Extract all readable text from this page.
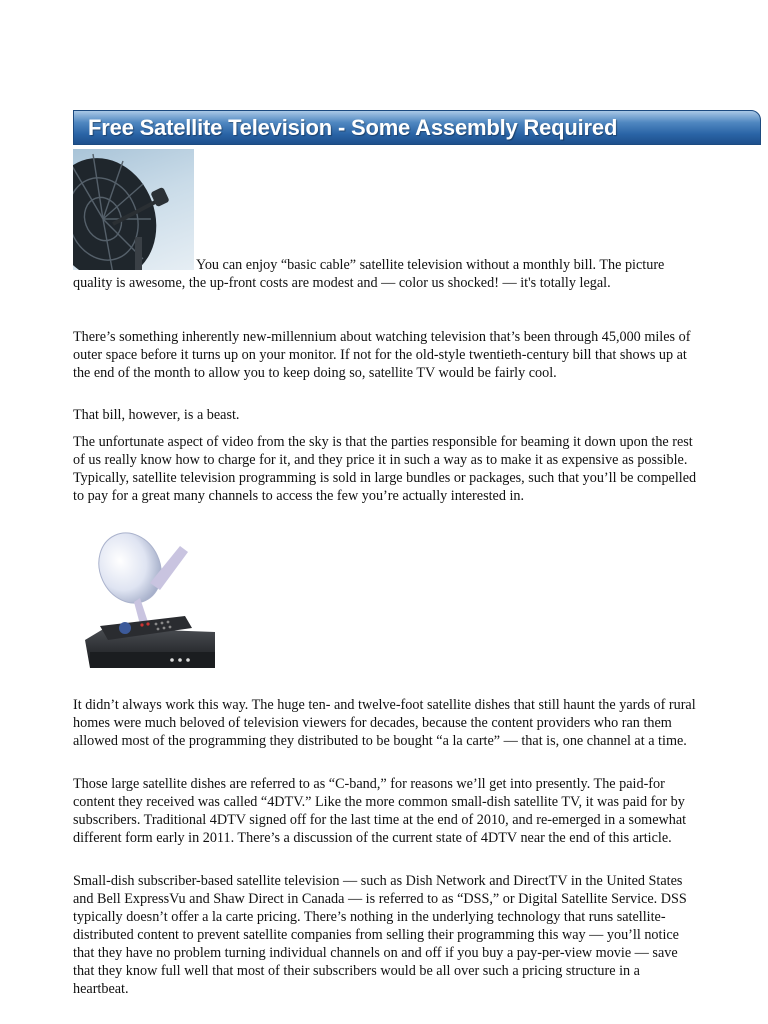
Free Satellite Television - Some Assembly Required
You can enjoy “basic cable” satellite television without a monthly bill. The picture quality is awesome, the up-front costs are modest and — color us shocked! — it's totally legal.

There’s something inherently new-millennium about watching television that’s been through 45,000 miles of outer space before it turns up on your monitor. If not for the old-style twentieth-century bill that shows up at the end of the month to allow you to keep doing so, satellite TV would be fairly cool.

That bill, however, is a beast.

The unfortunate aspect of video from the sky is that the parties responsible for beaming it down upon the rest of us really know how to charge for it, and they price it in such a way as to make it as expensive as possible. Typically, satellite television programming is sold in large bundles or packages, such that you’ll be compelled to pay for a great many channels to access the few you’re actually interested in.

It didn’t always work this way. The huge ten- and twelve-foot satellite dishes that still haunt the yards of rural homes were much beloved of television viewers for decades, because the content providers who ran them allowed most of the programming they distributed to be bought “a la carte” — that is, one channel at a time.

Those large satellite dishes are referred to as “C-band,” for reasons we’ll get into presently. The paid-for content they received was called “4DTV.” Like the more common small-dish satellite TV, it was paid for by subscribers. Traditional 4DTV signed off for the last time at the end of 2010, and re-emerged in a somewhat different form early in 2011. There’s a discussion of the current state of 4DTV near the end of this article.

Small-dish subscriber-based satellite television — such as Dish Network and DirectTV in the United States and Bell ExpressVu and Shaw Direct in Canada — is referred to as “DSS,” or Digital Satellite Service. DSS typically doesn’t offer a la carte pricing. There’s nothing in the underlying technology that runs satellite-distributed content to prevent satellite companies from selling their programming this way — you’ll notice that they have no problem turning individual channels on and off if you buy a pay-per-view movie — save that they know full well that most of their subscribers would be all over such a pricing structure in a heartbeat.
